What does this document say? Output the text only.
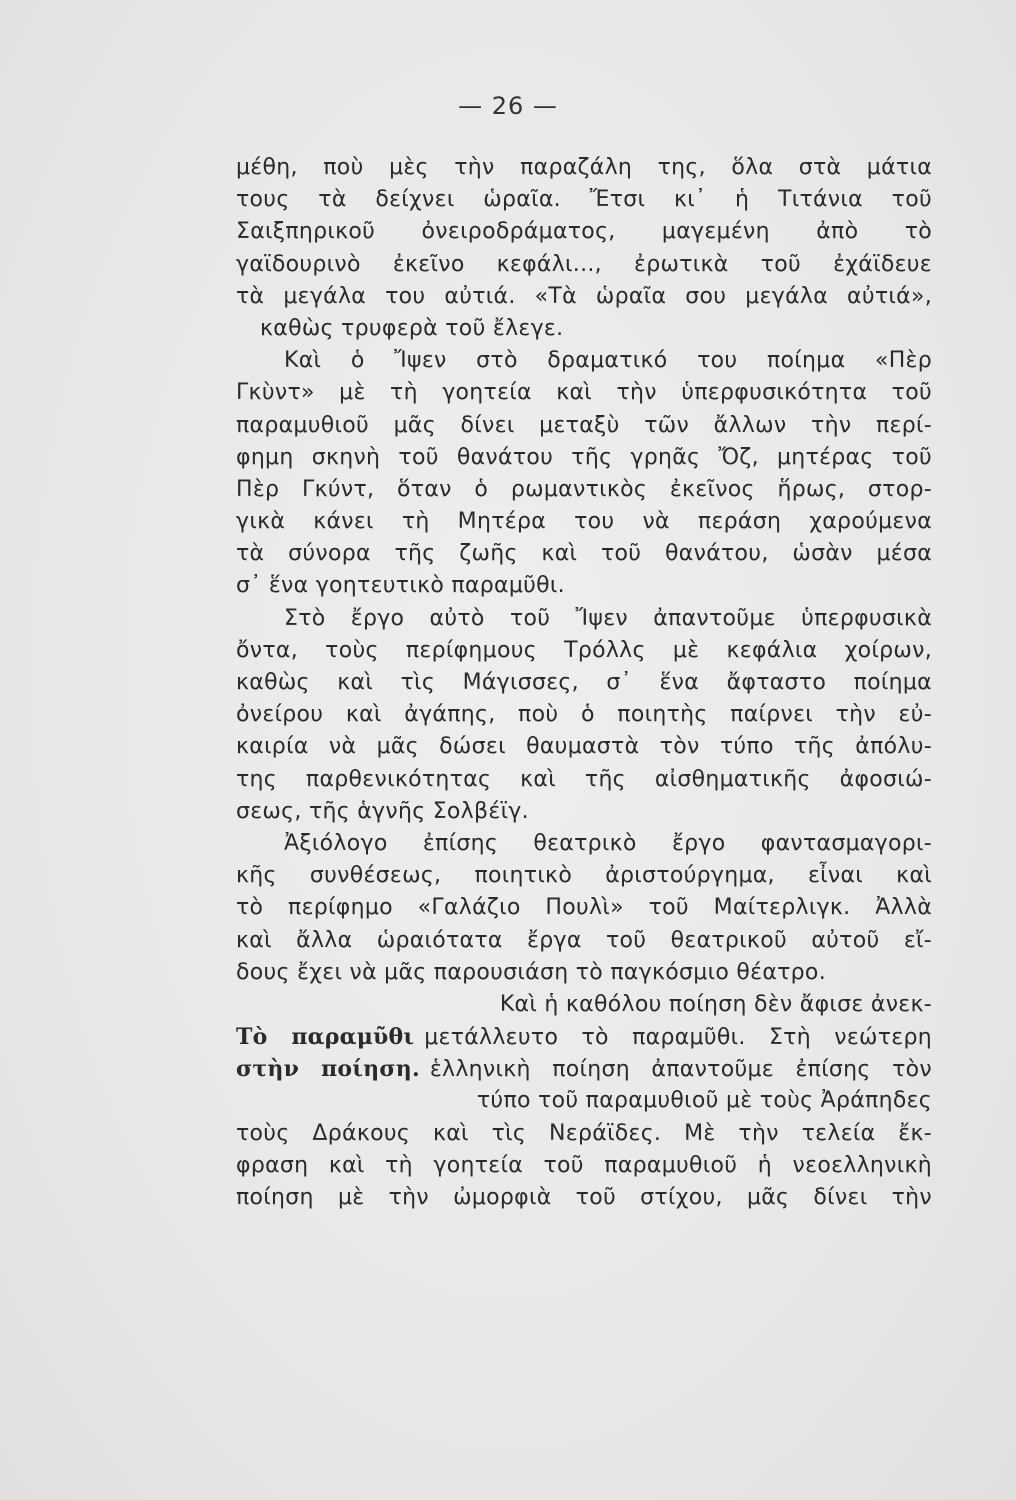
— 26 —
μέθη, ποὺ μὲς τὴν παραζάλη της, ὅλα στὰ μάτια
τους τὰ δείχνει ὡραῖα. Ἔτσι κι᾽ ἡ Τιτάνια τοῦ
Σαιξπηρικοῦ ὀνειροδράματος, μαγεμένη ἀπὸ τὸ
γαϊδουρινὸ ἐκεῖνο κεφάλι..., ἐρωτικὰ τοῦ ἐχάϊδευε
τὰ μεγάλα του αὐτιά. «Τὰ ὡραῖα σου μεγάλα αὐτιά»,
καθὼς τρυφερὰ τοῦ ἔλεγε.
Καὶ ὁ Ἴψεν στὸ δραματικό του ποίημα «Πὲρ
Γκὺντ» μὲ τὴ γοητεία καὶ τὴν ὑπερφυσικότητα τοῦ
παραμυθιοῦ μᾶς δίνει μεταξὺ τῶν ἄλλων τὴν περί-
φημη σκηνὴ τοῦ θανάτου τῆς γρηᾶς Ὄζ, μητέρας τοῦ
Πὲρ Γκύντ, ὅταν ὁ ρωμαντικὸς ἐκεῖνος ἥρως, στορ-
γικὰ κάνει τὴ Μητέρα του νὰ περάση χαρούμενα
τὰ σύνορα τῆς ζωῆς καὶ τοῦ θανάτου, ὡσὰν μέσα
σ᾽ ἕνα γοητευτικὸ παραμῦθι.
Στὸ ἔργο αὐτὸ τοῦ Ἴψεν ἀπαντοῦμε ὑπερφυσικὰ
ὄντα, τοὺς περίφημους Τρόλλς μὲ κεφάλια χοίρων,
καθὼς καὶ τὶς Μάγισσες, σ᾽ ἕνα ἄφταστο ποίημα
ὀνείρου καὶ ἀγάπης, ποὺ ὁ ποιητὴς παίρνει τὴν εὐ-
καιρία νὰ μᾶς δώσει θαυμαστὰ τὸν τύπο τῆς ἀπόλυ-
της παρθενικότητας καὶ τῆς αἰσθηματικῆς ἀφοσιώ-
σεως, τῆς ἁγνῆς Σολβέϊγ.
Ἀξιόλογο ἐπίσης θεατρικὸ ἔργο φαντασμαγορι-
κῆς συνθέσεως, ποιητικὸ ἀριστούργημα, εἶναι καὶ
τὸ περίφημο «Γαλάζιο Πουλὶ» τοῦ Μαίτερλιγκ. Ἀλλὰ
καὶ ἄλλα ὡραιότατα ἔργα τοῦ θεατρικοῦ αὐτοῦ εἴ-
δους ἔχει νὰ μᾶς παρουσιάση τὸ παγκόσμιο θέατρο.
Καὶ ἡ καθόλου ποίηση δὲν ἄφισε ἀνεκ-
Τὸ παραμῦθι μετάλλευτο τὸ παραμῦθι. Στὴ νεώτερη
στὴν ποίηση. ἑλληνικὴ ποίηση ἀπαντοῦμε ἐπίσης τὸν
τύπο τοῦ παραμυθιοῦ μὲ τοὺς Ἀράπηδες
τοὺς Δράκους καὶ τὶς Νεράϊδες. Μὲ τὴν τελεία ἔκ-
φραση καὶ τὴ γοητεία τοῦ παραμυθιοῦ ἡ νεοελληνικὴ
ποίηση μὲ τὴν ὠμορφιὰ τοῦ στίχου, μᾶς δίνει τὴν
